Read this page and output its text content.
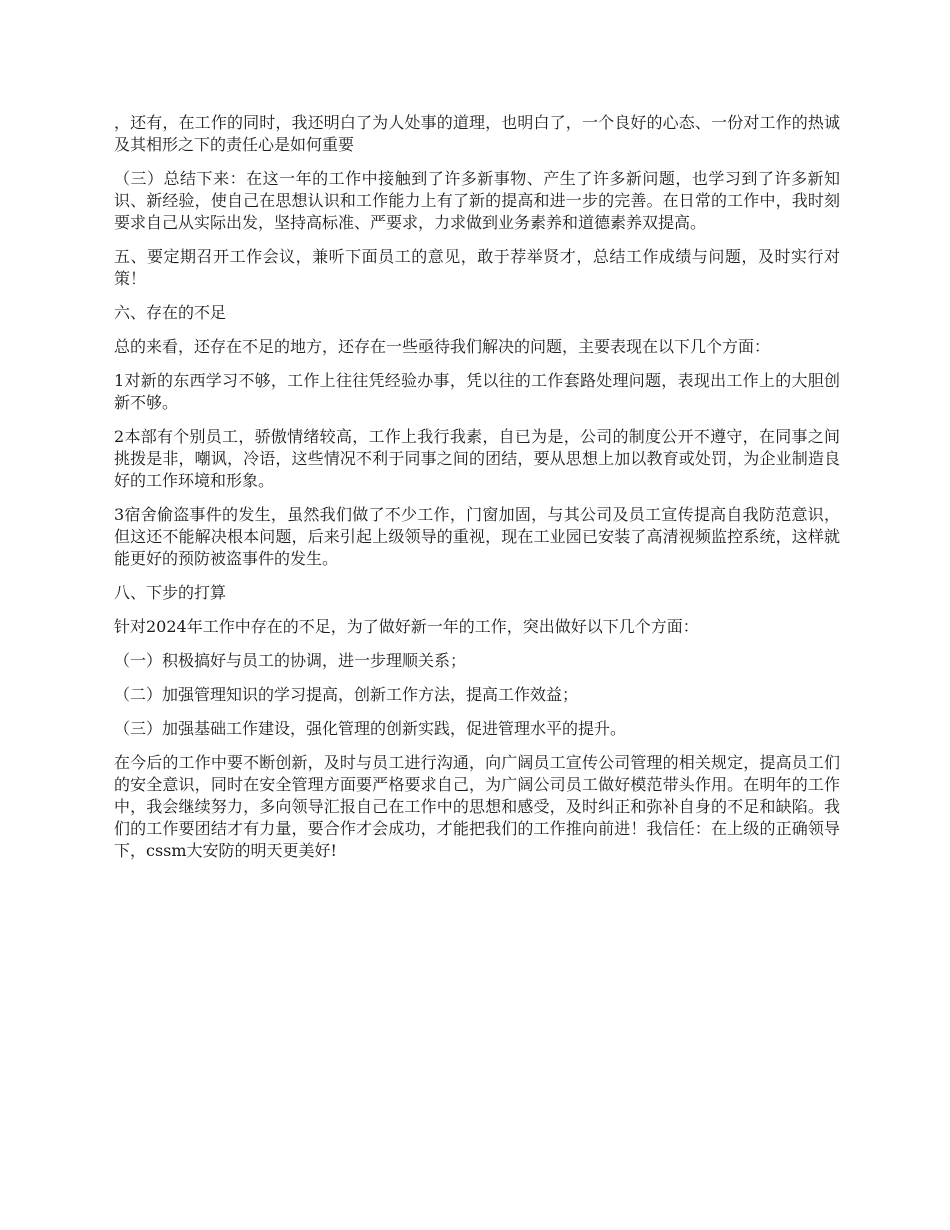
，还有，在工作的同时，我还明白了为人处事的道理，也明白了，一个良好的心态、一份对工作的热诚及其相形之下的责任心是如何重要

（三）总结下来：在这一年的工作中接触到了许多新事物、产生了许多新问题，也学习到了许多新知识、新经验，使自己在思想认识和工作能力上有了新的提高和进一步的完善。在日常的工作中，我时刻要求自己从实际出发，坚持高标准、严要求，力求做到业务素养和道德素养双提高。

五、要定期召开工作会议，兼听下面员工的意见，敢于荐举贤才，总结工作成绩与问题，及时实行对策！

六、存在的不足

总的来看，还存在不足的地方，还存在一些亟待我们解决的问题，主要表现在以下几个方面：

1对新的东西学习不够，工作上往往凭经验办事，凭以往的工作套路处理问题，表现出工作上的大胆创新不够。

2本部有个别员工，骄傲情绪较高，工作上我行我素，自已为是，公司的制度公开不遵守，在同事之间挑拨是非，嘲讽，冷语，这些情况不利于同事之间的团结，要从思想上加以教育或处罚，为企业制造良好的工作环境和形象。

3宿舍偷盗事件的发生，虽然我们做了不少工作，门窗加固，与其公司及员工宣传提高自我防范意识，但这还不能解决根本问题，后来引起上级领导的重视，现在工业园已安装了高清视频监控系统，这样就能更好的预防被盗事件的发生。

八、下步的打算

针对2024年工作中存在的不足，为了做好新一年的工作，突出做好以下几个方面：

（一）积极搞好与员工的协调，进一步理顺关系；

（二）加强管理知识的学习提高，创新工作方法，提高工作效益；

（三）加强基础工作建设，强化管理的创新实践，促进管理水平的提升。

在今后的工作中要不断创新，及时与员工进行沟通，向广阔员工宣传公司管理的相关规定，提高员工们的安全意识，同时在安全管理方面要严格要求自己，为广阔公司员工做好模范带头作用。在明年的工作中，我会继续努力，多向领导汇报自己在工作中的思想和感受，及时纠正和弥补自身的不足和缺陷。我们的工作要团结才有力量，要合作才会成功，才能把我们的工作推向前进！我信任：在上级的正确领导下，cssm大安防的明天更美好!
